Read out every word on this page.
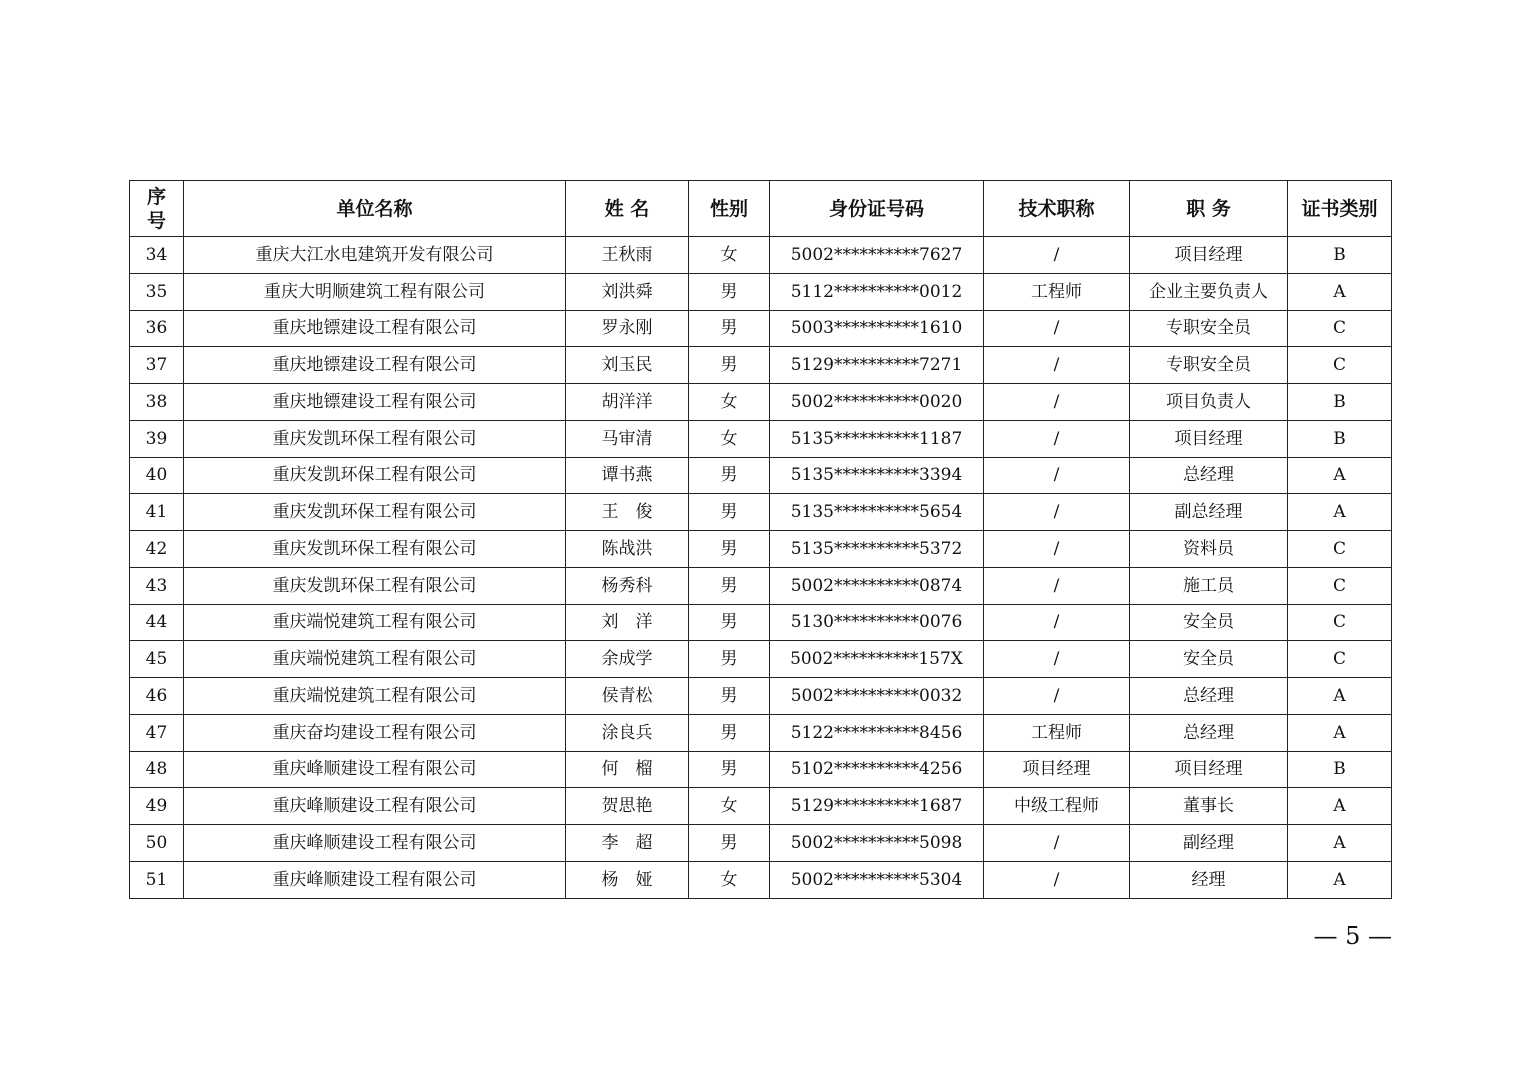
序
号	单位名称	姓 名	性别	身份证号码	技术职称	职 务	证书类别
34	重庆大江水电建筑开发有限公司	王秋雨	女	5002**********7627	/	项目经理	B
35	重庆大明顺建筑工程有限公司	刘洪舜	男	5112**********0012	工程师	企业主要负责人	A
36	重庆地镖建设工程有限公司	罗永刚	男	5003**********1610	/	专职安全员	C
37	重庆地镖建设工程有限公司	刘玉民	男	5129**********7271	/	专职安全员	C
38	重庆地镖建设工程有限公司	胡洋洋	女	5002**********0020	/	项目负责人	B
39	重庆发凯环保工程有限公司	马审清	女	5135**********1187	/	项目经理	B
40	重庆发凯环保工程有限公司	谭书燕	男	5135**********3394	/	总经理	A
41	重庆发凯环保工程有限公司	王　俊	男	5135**********5654	/	副总经理	A
42	重庆发凯环保工程有限公司	陈战洪	男	5135**********5372	/	资料员	C
43	重庆发凯环保工程有限公司	杨秀科	男	5002**********0874	/	施工员	C
44	重庆端悦建筑工程有限公司	刘　洋	男	5130**********0076	/	安全员	C
45	重庆端悦建筑工程有限公司	余成学	男	5002**********157X	/	安全员	C
46	重庆端悦建筑工程有限公司	侯青松	男	5002**********0032	/	总经理	A
47	重庆奋均建设工程有限公司	涂良兵	男	5122**********8456	工程师	总经理	A
48	重庆峰顺建设工程有限公司	何　榴	男	5102**********4256	项目经理	项目经理	B
49	重庆峰顺建设工程有限公司	贺思艳	女	5129**********1687	中级工程师	董事长	A
50	重庆峰顺建设工程有限公司	李　超	男	5002**********5098	/	副经理	A
51	重庆峰顺建设工程有限公司	杨　娅	女	5002**********5304	/	经理	A
— 5 —
